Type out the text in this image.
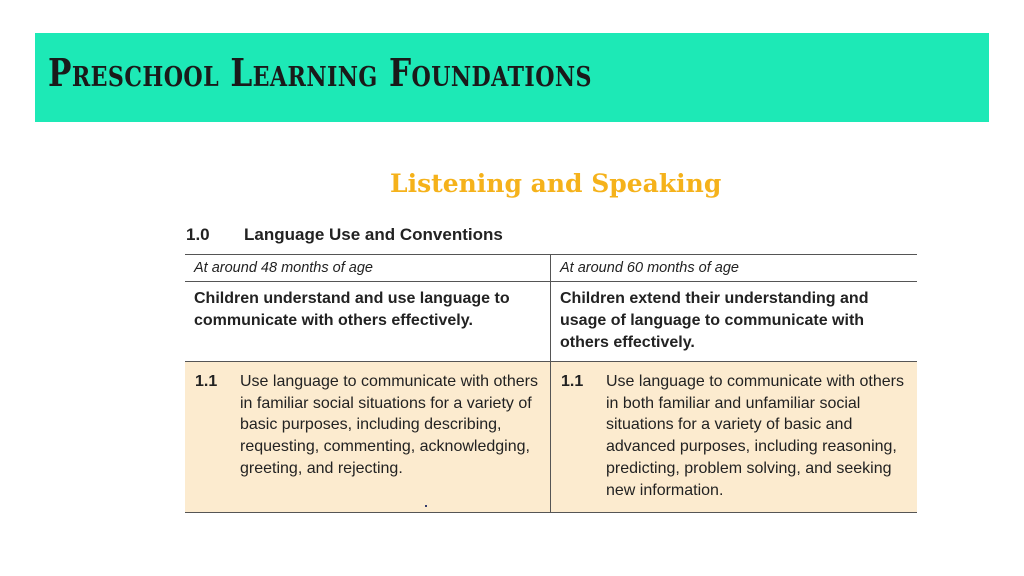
Preschool Learning Foundations
Listening and Speaking
1.0 Language Use and Conventions
At around 48 months of age	At around 60 months of age

Children understand and use language to communicate with others effectively.	Children extend their understanding and usage of language to communicate with others effectively.

1.1 Use language to communicate with others in familiar social situations for a variety of basic purposes, including describing, requesting, commenting, acknowledging, greeting, and rejecting.	1.1 Use language to communicate with others in both familiar and unfamiliar social situations for a variety of basic and advanced purposes, including reasoning, predicting, problem solving, and seeking new information.
